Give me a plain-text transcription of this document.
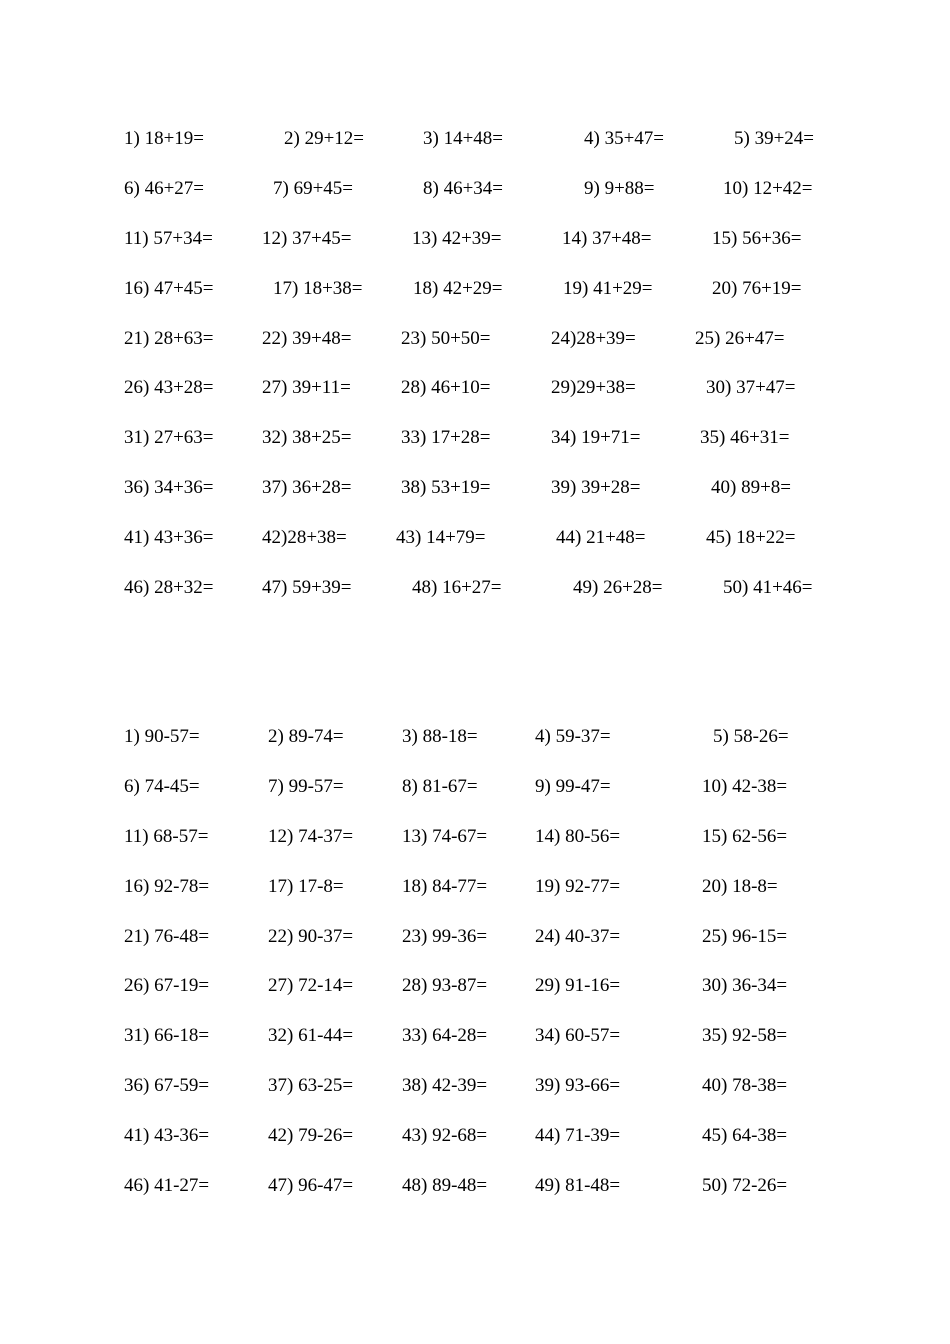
1) 18+19=	2) 29+12=	3) 14+48=	4) 35+47=	5) 39+24=
6) 46+27=	7) 69+45=	8) 46+34=	9) 9+88=	10) 12+42=
11) 57+34=	12) 37+45=	13) 42+39=	14) 37+48=	15) 56+36=
16) 47+45=	17) 18+38=	18) 42+29=	19) 41+29=	20) 76+19=
21) 28+63=	22) 39+48=	23) 50+50=	24)28+39=	25) 26+47=
26) 43+28=	27) 39+11=	28) 46+10=	29)29+38=	30) 37+47=
31) 27+63=	32) 38+25=	33) 17+28=	34) 19+71=	35) 46+31=
36) 34+36=	37) 36+28=	38) 53+19=	39) 39+28=	40) 89+8=
41) 43+36=	42)28+38=	43) 14+79=	44) 21+48=	45) 18+22=
46) 28+32=	47) 59+39=	48) 16+27=	49) 26+28=	50) 41+46=
1) 90-57=	2) 89-74=	3) 88-18=	4) 59-37=	5) 58-26=
6) 74-45=	7) 99-57=	8) 81-67=	9) 99-47=	10) 42-38=
11) 68-57=	12) 74-37=	13) 74-67=	14) 80-56=	15) 62-56=
16) 92-78=	17) 17-8=	18) 84-77=	19) 92-77=	20) 18-8=
21) 76-48=	22) 90-37=	23) 99-36=	24) 40-37=	25) 96-15=
26) 67-19=	27) 72-14=	28) 93-87=	29) 91-16=	30) 36-34=
31) 66-18=	32) 61-44=	33) 64-28=	34) 60-57=	35) 92-58=
36) 67-59=	37) 63-25=	38) 42-39=	39) 93-66=	40) 78-38=
41) 43-36=	42) 79-26=	43) 92-68=	44) 71-39=	45) 64-38=
46) 41-27=	47) 96-47=	48) 89-48=	49) 81-48=	50) 72-26=
